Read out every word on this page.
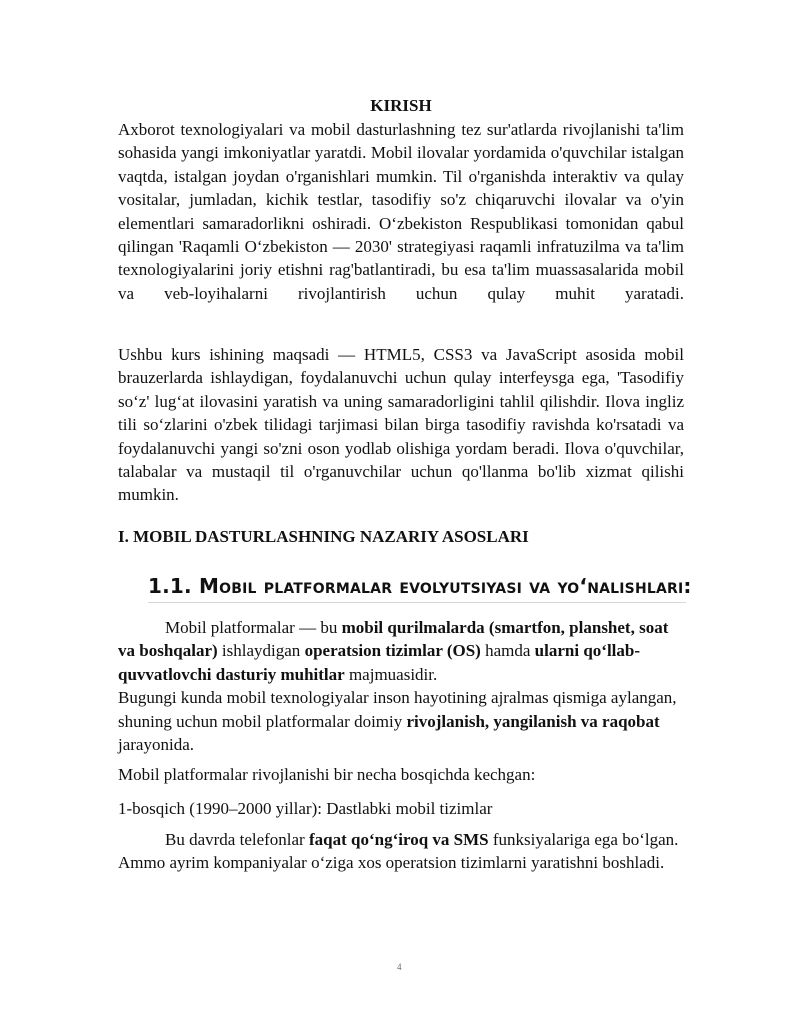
KIRISH
Axborot texnologiyalari va mobil dasturlashning tez sur'atlarda rivojlanishi ta'lim sohasida yangi imkoniyatlar yaratdi. Mobil ilovalar yordamida o'quvchilar istalgan vaqtda, istalgan joydan o'rganishlari mumkin. Til o'rganishda interaktiv va qulay vositalar, jumladan, kichik testlar, tasodifiy so'z chiqaruvchi ilovalar va o'yin elementlari samaradorlikni oshiradi. O‘zbekiston Respublikasi tomonidan qabul qilingan 'Raqamli O‘zbekiston — 2030' strategiyasi raqamli infratuzilma va ta'lim texnologiyalarini joriy etishni rag'batlantiradi, bu esa ta'lim muassasalarida mobil va veb-loyihalarni rivojlantirish uchun qulay muhit yaratadi.
Ushbu kurs ishining maqsadi — HTML5, CSS3 va JavaScript asosida mobil brauzerlarda ishlaydigan, foydalanuvchi uchun qulay interfeysga ega, 'Tasodifiy so‘z' lug‘at ilovasini yaratish va uning samaradorligini tahlil qilishdir. Ilova ingliz tili so‘zlarini o'zbek tilidagi tarjimasi bilan birga tasodifiy ravishda ko'rsatadi va foydalanuvchi yangi so'zni oson yodlab olishiga yordam beradi. Ilova o'quvchilar, talabalar va mustaqil til o'rganuvchilar uchun qo'llanma bo'lib xizmat qilishi mumkin.
I. MOBIL DASTURLASHNING NAZARIY ASOSLARI
1.1. Mobil platformalar evolyutsiyasi va yo‘nalishlari:
Mobil platformalar — bu mobil qurilmalarda (smartfon, planshet, soat va boshqalar) ishlaydigan operatsion tizimlar (OS) hamda ularni qo‘llab-quvvatlovchi dasturiy muhitlar majmuasidir.
Bugungi kunda mobil texnologiyalar inson hayotining ajralmas qismiga aylangan, shuning uchun mobil platformalar doimiy rivojlanish, yangilanish va raqobat jarayonida.
Mobil platformalar rivojlanishi bir necha bosqichda kechgan:
1-bosqich (1990–2000 yillar): Dastlabki mobil tizimlar
Bu davrda telefonlar faqat qo‘ng‘iroq va SMS funksiyalariga ega bo‘lgan.
Ammo ayrim kompaniyalar o‘ziga xos operatsion tizimlarni yaratishni boshladi.
4
